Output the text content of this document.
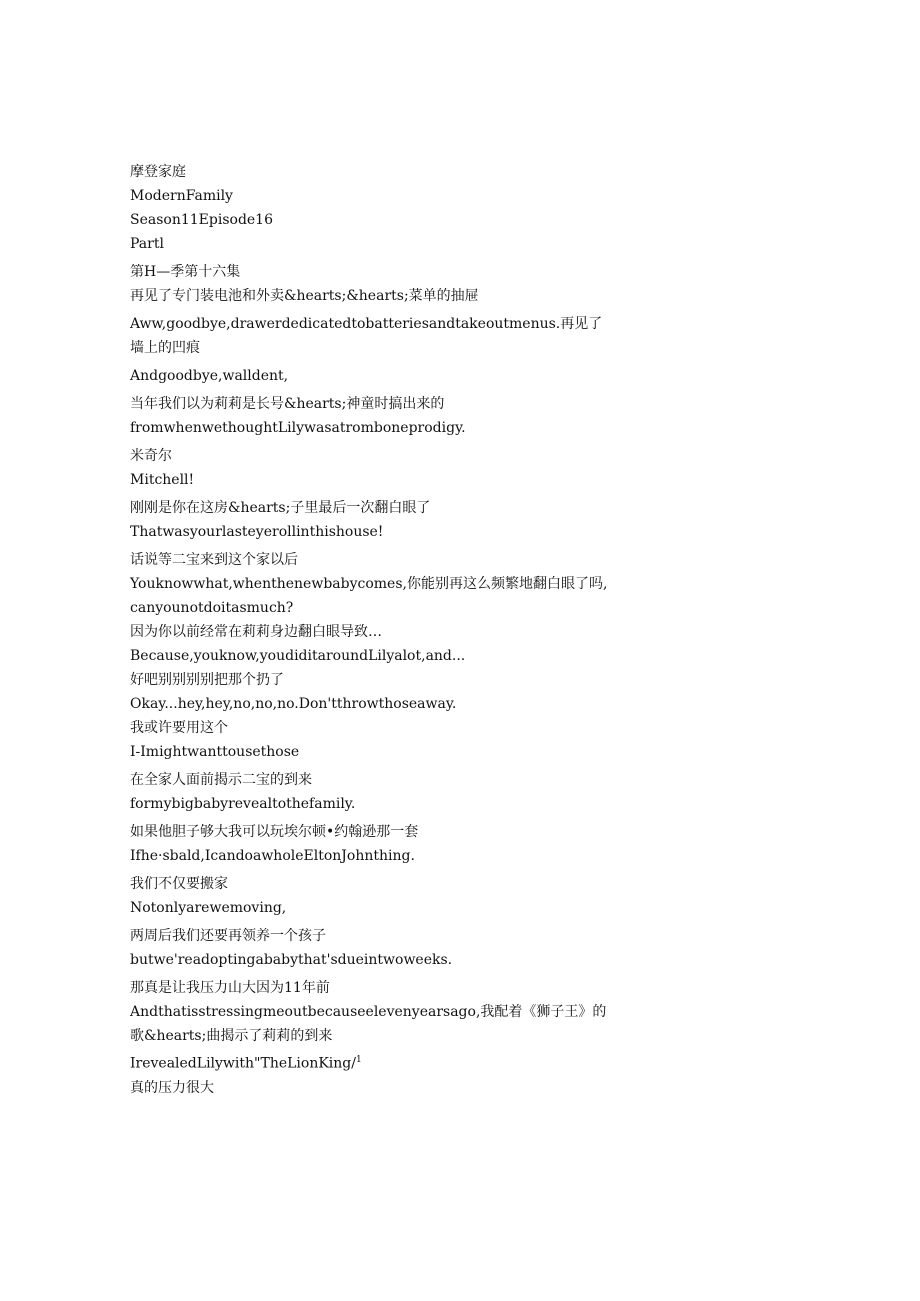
摩登家庭
ModernFamily
Season11Episode16
Partl
第H—季第十六集
再见了专门装电池和外卖&hearts;&hearts;菜单的抽屉
Aww,goodbye,drawerdedicatedtobatteriesandtakeoutmenus.再见了墙上的凹痕
Andgoodbye,walldent,
当年我们以为莉莉是长号&hearts;神童时搞出来的
fromwhenwethoughtLilywasatromboneprodigy.
米奇尔
Mitchell!
刚刚是你在这房&hearts;子里最后一次翻白眼了
Thatwasyourlasteyerollinthishouse!
话说等二宝来到这个家以后
Youknowwhat,whenthenewbabycomes,你能别再这么频繁地翻白眼了吗,
canyounotdoitasmuch?
因为你以前经常在莉莉身边翻白眼导致…
Because,youknow,youdiditaroundLilyalot,and...
好吧别别别别把那个扔了
Okay...hey,hey,no,no,no.Don'tthrowthoseaway.
我或许要用这个
I-Imightwanttousethose
在全家人面前揭示二宝的到来
formybigbabyrevealtothefamily.
如果他胆子够大我可以玩埃尔顿•约翰逊那一套
Ifhe·sbald,IcandoawholeEltonJohnthing.
我们不仅要搬家
Notonlyarewemoving,
两周后我们还要再领养一个孩子
butwe'readoptingababythat'sdueintwoweeks.
那真是让我压力山大因为11年前
Andthatisstressingmeoutbecauseelevenyearsago,我配着《狮子王》的歌&hearts;曲揭示了莉莉的到来
IrevealedLilywith"TheLionKing/$^1$
真的压力很大
